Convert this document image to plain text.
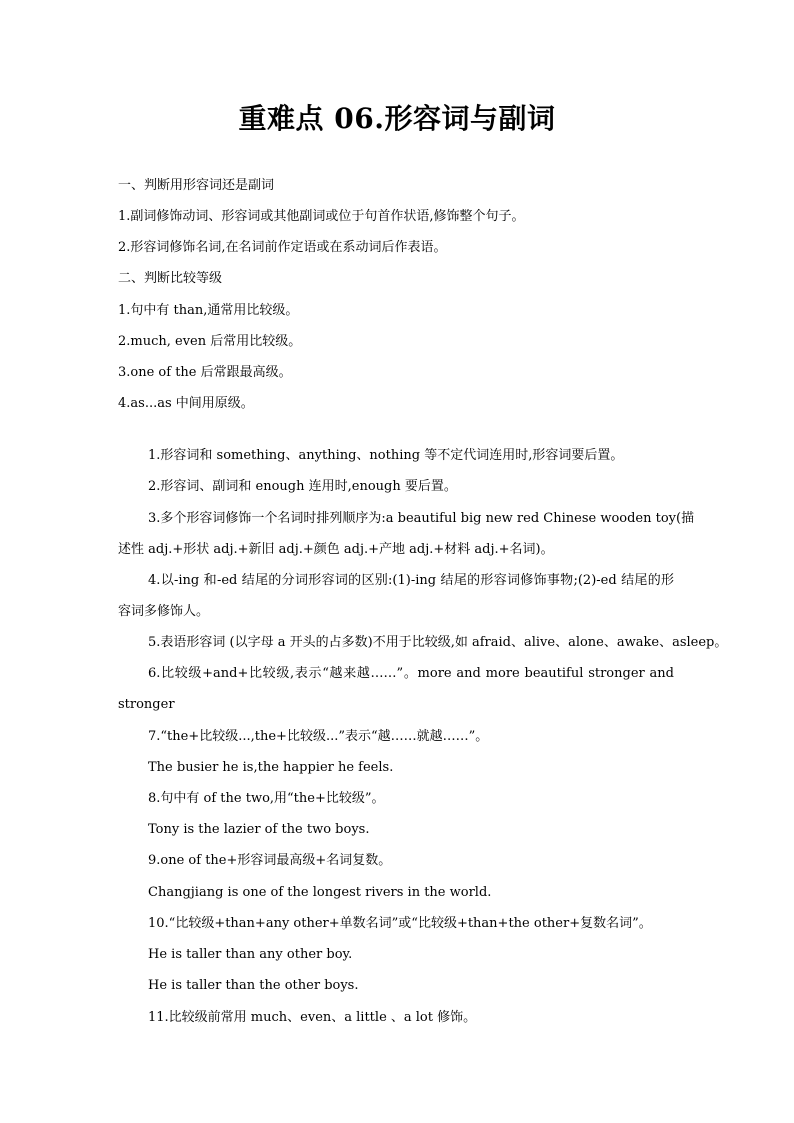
重难点 06.形容词与副词
一、判断用形容词还是副词
1.副词修饰动词、形容词或其他副词或位于句首作状语,修饰整个句子。
2.形容词修饰名词,在名词前作定语或在系动词后作表语。
二、判断比较等级
1.句中有 than,通常用比较级。
2.much, even 后常用比较级。
3.one of the 后常跟最高级。
4.as...as 中间用原级。
1.形容词和 something、anything、nothing 等不定代词连用时,形容词要后置。
2.形容词、副词和 enough 连用时,enough 要后置。
3.多个形容词修饰一个名词时排列顺序为:a beautiful big new red Chinese wooden toy(描
述性 adj.+形状 adj.+新旧 adj.+颜色 adj.+产地 adj.+材料 adj.+名词)。
4.以-ing 和-ed 结尾的分词形容词的区别:(1)-ing 结尾的形容词修饰事物;(2)-ed 结尾的形
容词多修饰人。
5.表语形容词 (以字母 a 开头的占多数)不用于比较级,如 afraid、alive、alone、awake、asleep。
6.比较级+and+比较级,表示“越来越……”。more and more beautiful stronger and
stronger
7.“the+比较级...,the+比较级...”表示“越……就越……”。
The busier he is,the happier he feels.
8.句中有 of the two,用“the+比较级”。
Tony is the lazier of the two boys.
9.one of the+形容词最高级+名词复数。
Changjiang is one of the longest rivers in the world.
10.“比较级+than+any other+单数名词”或“比较级+than+the other+复数名词”。
He is taller than any other boy.
He is taller than the other boys.
11.比较级前常用 much、even、a little 、a lot 修饰。
